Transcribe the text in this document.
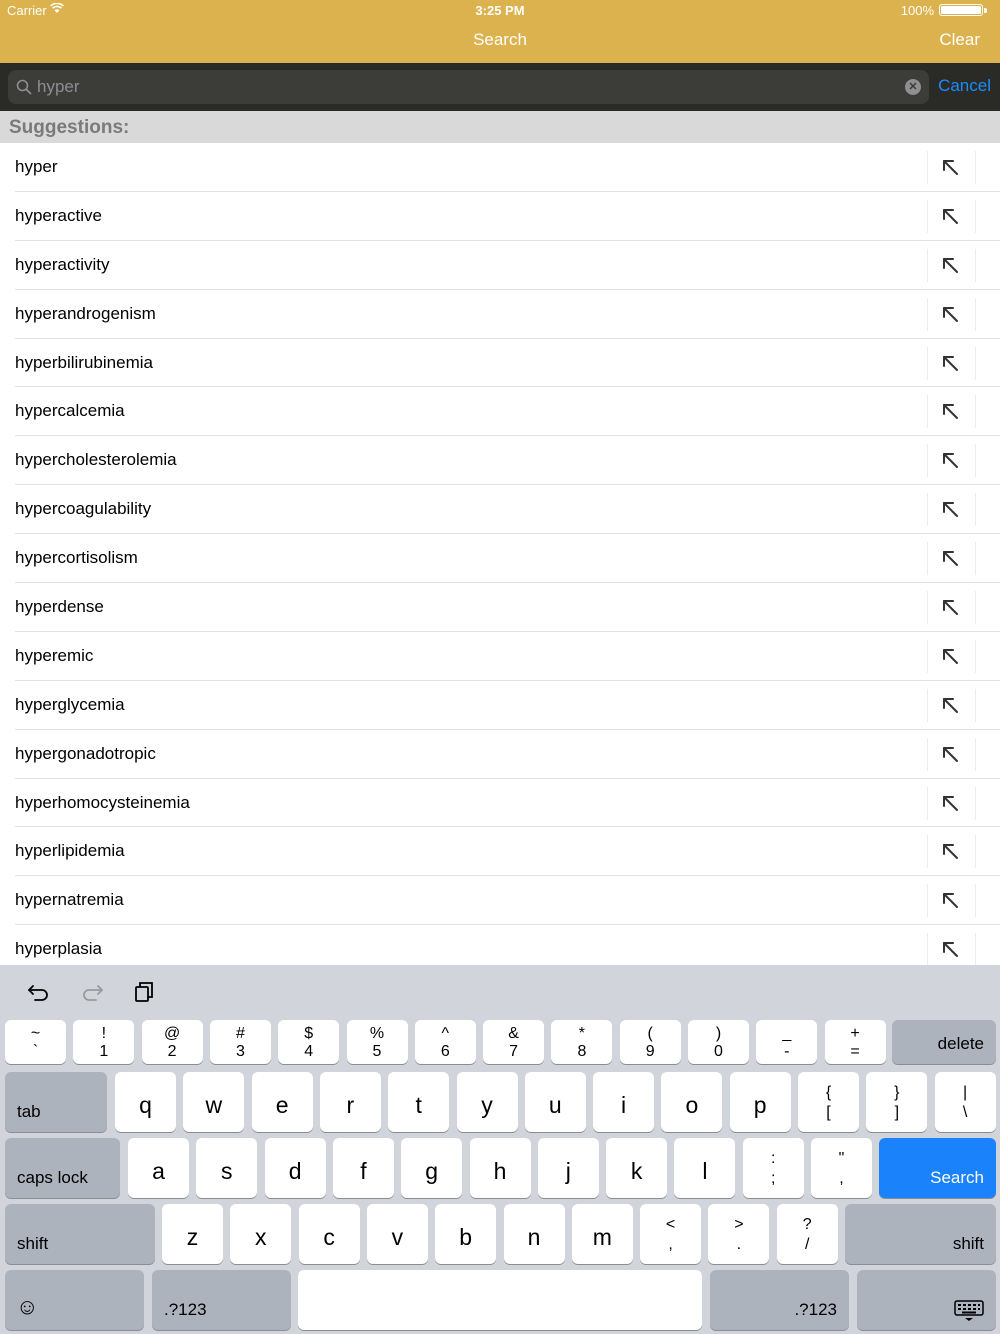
Carrier	3:25 PM	100%
Search	Clear
hyper
✕ Cancel
Suggestions:
hyper
hyperactive
hyperactivity
hyperandrogenism
hyperbilirubinemia
hypercalcemia
hypercholesterolemia
hypercoagulability
hypercortisolism
hyperdense
hyperemic
hyperglycemia
hypergonadotropic
hyperhomocysteinemia
hyperlipidemia
hypernatremia
hyperplasia
~
`
!
1
@
2
#
3
$
4
%
5
^
6
&
7
*
8
(
9
)
0
_
-
+
=	delete
tab	q	w	e	r	t	y	u	i	o	p	{
[
}
]
|
\
caps lock	a	s	d	f	g	h	j	k	l	:
;
"
,	Search
shift	z	x	c	v	b	n	m	<
,
>
.
?
/	shift
☺	.?123	.?123
